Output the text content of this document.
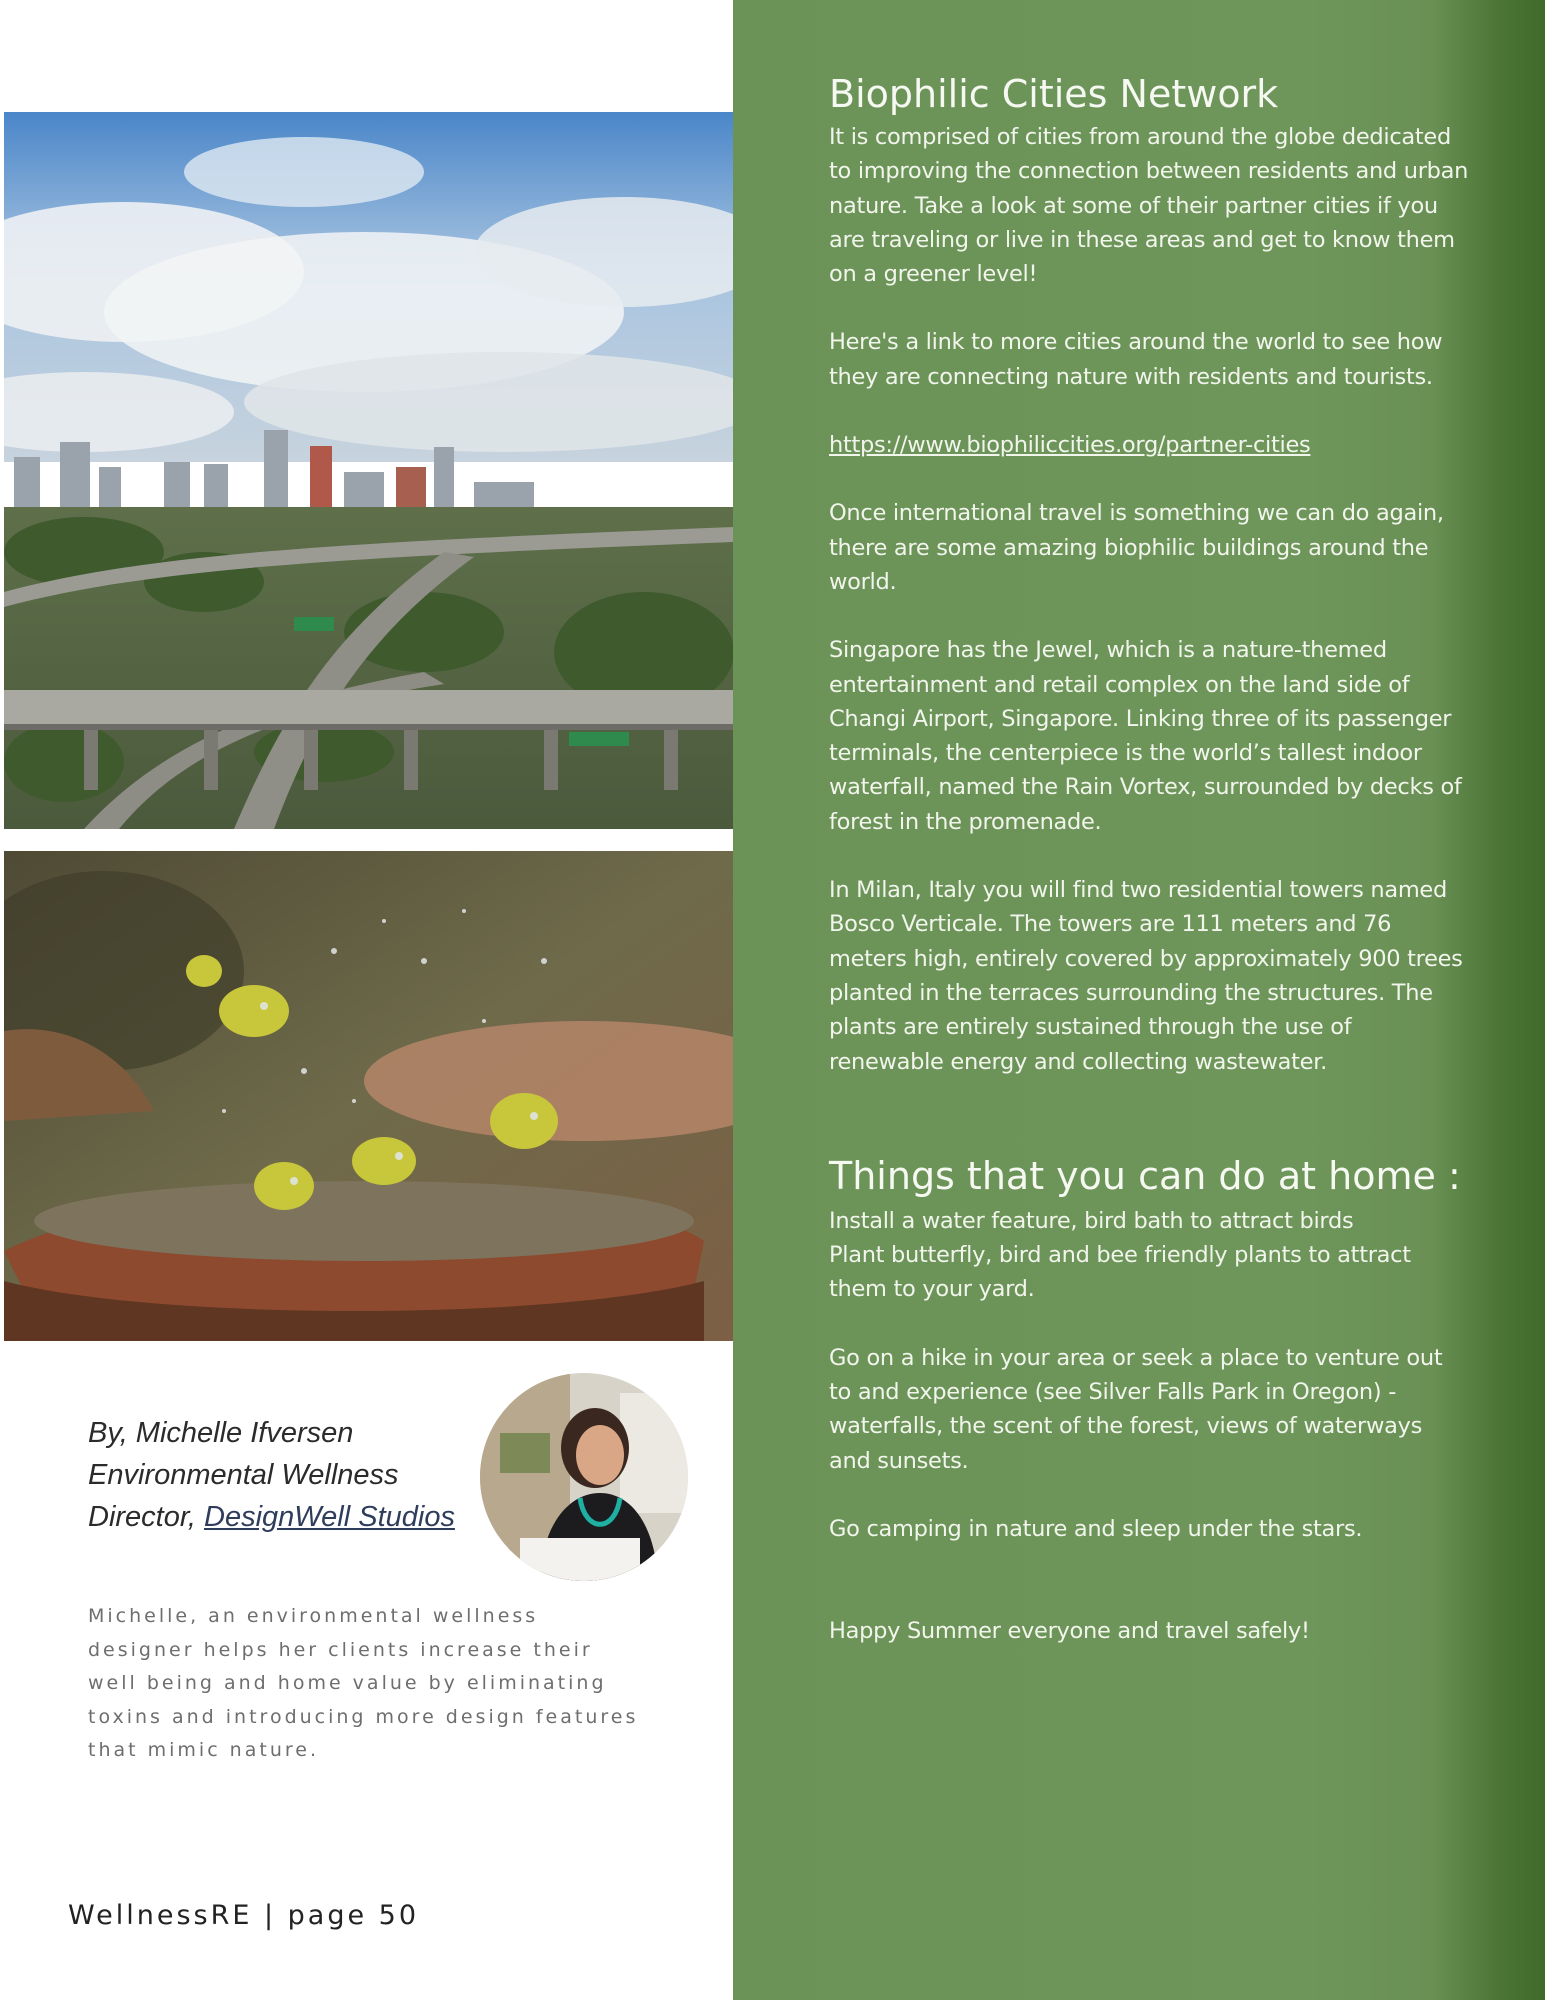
By, Michelle Ifversen
Environmental Wellness
Director, DesignWell Studios
Michelle, an environmental wellness designer helps her clients increase their well being and home value by eliminating toxins and introducing more design features that mimic nature.
WellnessRE | page 50
Biophilic Cities Network

It is comprised of cities from around the globe dedicated to improving the connection between residents and urban nature. Take a look at some of their partner cities if you are traveling or live in these areas and get to know them on a greener level!

Here's a link to more cities around the world to see how they are connecting nature with residents and tourists.

https://www.biophiliccities.org/partner-cities

Once international travel is something we can do again, there are some amazing biophilic buildings around the world.

Singapore has the Jewel, which is a nature-themed entertainment and retail complex on the land side of Changi Airport, Singapore. Linking three of its passenger terminals, the centerpiece is the world’s tallest indoor waterfall, named the Rain Vortex, surrounded by decks of forest in the promenade.

In Milan, Italy you will find two residential towers named Bosco Verticale. The towers are 111 meters and 76 meters high, entirely covered by approximately 900 trees planted in the terraces surrounding the structures. The plants are entirely sustained through the use of renewable energy and collecting wastewater.

Things that you can do at home :

Install a water feature, bird bath to attract birds

Plant butterfly, bird and bee friendly plants to attract them to your yard.

Go on a hike in your area or seek a place to venture out to and experience (see Silver Falls Park in Oregon) - waterfalls, the scent of the forest, views of waterways and sunsets.

Go camping in nature and sleep under the stars.

Happy Summer everyone and travel safely!
